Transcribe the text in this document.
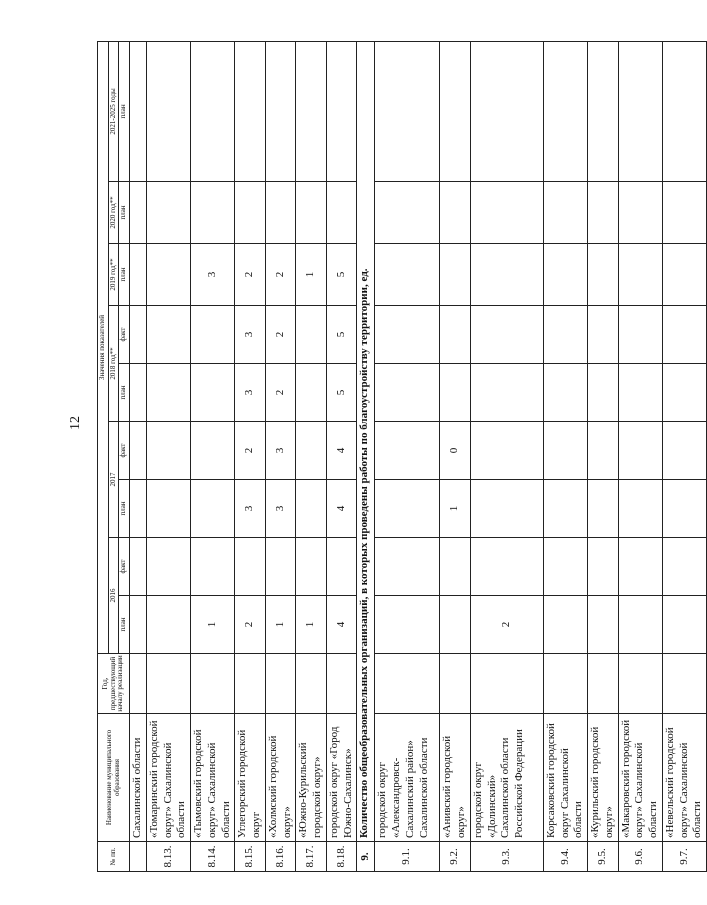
12
№ пп.	Наименование муниципального образования	Год, предшествующий началу реализации	Значения показателей								
			2016		2017		2018 год**		2019 год**	2020 год**	2021-2025 годы
			план	факт	план	факт	план	факт	план	план	план
	Сахалинской области										
8.13.	«Томаринский городской округ» Сахалинской области										
8.14.	«Тымовский городской округ» Сахалинской области		1						3		
8.15.	Углегорский городской округ		2		3	2	3	3	2		
8.16.	«Холмский городской округ»		1		3	3	2	2	2		
8.17.	«Южно-Курильский городской округ»		1						1		
8.18.	городской округ «Город Южно-Сахалинск»		4		4	4	5	5	5		
9.	Количество общеобразовательных организаций, в которых проведены работы по благоустройству территории, ед.										
9.1.	городской округ «Александровск-Сахалинский район» Сахалинской области										
9.2.	«Анивский городской округ»				1	0					
9.3.	городской округ «Долинский» Сахалинской области Российской Федерации		2								
9.4.	Корсаковский городской округ Сахалинской области										
9.5.	«Курильский городской округ»										
9.6.	«Макаровский городской округ» Сахалинской области										
9.7.	«Невельский городской округ» Сахалинской области										
